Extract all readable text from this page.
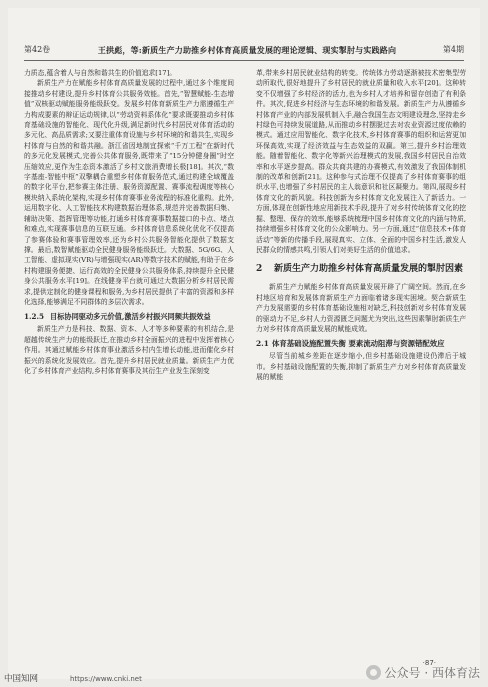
第42卷	王拱彪，等:新质生产力助推乡村体育高质量发展的理论逻辑、现实掣肘与实践路向	第4期

力质态,蕴含着人与自然和谐共生的价值追求[17]。

新质生产力在赋能乡村体育高质量发展的过程中,通过多个维度间接推动乡村建设,提升乡村体育公共服务效能。首先,“智慧赋能-生态增值”双核驱动赋能服务能级跃变。发展乡村体育新质生产力需遵循生产力构成要素的辩证运动规律,以“劳动资料系体化”要求既要推动乡村体育基础设施的智能化、现代化升级,满足新时代乡村居民对体育活动的多元化、高品质需求;又要注重体育设施与乡村环境的和谐共生,实现乡村体育与自然的和谐共融。浙江省因地制宜探索“千万工程”在新时代的多元化发展模式,完善公共体育服务,既带来了“15分钟健身圈”时空压缩效应,更作为生态资本激活了乡村文旅消费增长极[18]。其次,“数字基座-智能中枢”双擎耦合重塑乡村体育服务范式,通过构建全域覆盖的数字化平台,把参赛主体注册、服务资源配置、赛事流程调度等核心模块纳入系统化架构,实现乡村体育赛事业务流程的标准化重构。此外,运用数字化、人工智能技术构建数据治理体系,规范并完善数据归集、辅助决策、指挥管理等功能,打通乡村体育赛事数据接口的卡点、堵点和难点,实现赛事信息的互联互通。乡村体育信息系统化优化不仅提高了参赛体验和赛事管理效率,还为乡村公共服务智能化提供了数据支撑。最后,数智赋能驱动全民健身服务能级跃迁。大数据、5G/6G、人工智能、虚拟现实(VR)与增强现实(AR)等数字技术的赋能,有助于在乡村构建服务便捷、运行高效的全民健身公共服务体系,持续提升全民健身公共服务水平[19]。在线健身平台就可通过大数据分析乡村居民需求,提供定制化的健身课程和服务,为乡村居民提供了丰富的资源和多样化选择,能够满足不同群体的多层次需求。

1.2.5 目标协同驱动多元价值,激活乡村振兴同频共振效益

新质生产力是科技、数据、资本、人才等多种要素的有机结合,是超越传统生产力的能级跃迁,在推动乡村全面振兴的进程中发挥着核心作用。其通过赋能乡村体育事业激活乡村内生增长动能,进而催化乡村振兴的系统化发展效应。首先,提升乡村居民就业质量。新质生产力优化了乡村体育产业结构,乡村体育赛事及其衍生产业发生深刻变

革,带来乡村居民就业结构的转变。传统体力劳动逐渐被技术密集型劳动所取代,很好地提升了乡村居民的就业质量和收入水平[20]。这种转变不仅增强了乡村经济的活力,也为乡村人才培养和留存创造了有利条件。其次,促进乡村经济与生态环境的和谐发展。新质生产力从遵循乡村体育产业的内部发展机制入手,融合我国生态文明建设理念,坚持走乡村绿色可持续发展道路,从而推动乡村摆脱过去对农业资源过度依赖的模式。通过应用智能化、数字化技术,乡村体育赛事的组织和运营更加环保高效,实现了经济效益与生态效益的双赢。第三,提升乡村治理效能。随着智能化、数字化等新兴治理模式的发展,我国乡村居民自治效率和水平逐步提高。群众共商共建的办赛模式,有效激发了我国体制机制的改革和创新[21]。这种参与式治理不仅提高了乡村体育赛事的组织水平,也增强了乡村居民的主人翁意识和社区凝聚力。第四,展现乡村体育文化的新风貌。科技创新为乡村体育文化发展注入了新活力。一方面,体现在创新性地应用新技术手段,提升了对乡村传统体育文化的挖掘、整理、保存的效率,能够系统梳理中国乡村体育文化的内涵与特质,持续增强乡村体育文化的公众影响力。另一方面,通过“信息技术+体育活动”等新的传播手段,展现真实、立体、全面的中国乡村生活,激发人民群众的情感共鸣,引领人们对美好生活的价值追求。

2	新质生产力助推乡村体育高质量发展的掣肘因素

新质生产力赋能乡村体育高质量发展开辟了广阔空间。然而,在乡村地区培育和发展体育新质生产力面临着诸多现实困境。契合新质生产力发展需要的乡村体育基础设施相对缺乏,科技创新对乡村体育发展的驱动力不足,乡村人力资源匮乏问题尤为突出,这些因素掣肘新质生产力对乡村体育高质量发展的赋能成效。

2.1 体育基础设施配置失衡 要素流动阻滞与资源错配效应

尽管当前城乡差距在逐步缩小,但乡村基础设施建设仍滞后于城市。乡村基础设施配置的失衡,抑制了新质生产力对乡村体育高质量发展的赋能

·87·
中国知网	https://www.cnki.net	公众号 · 西体育法
